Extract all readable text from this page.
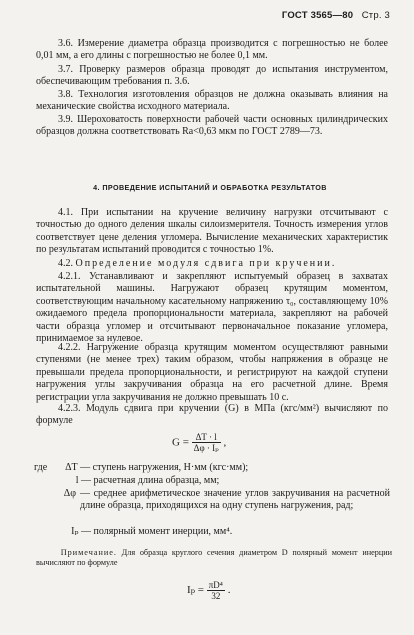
ГОСТ 3565—80 Стр. 3

3.6. Измерение диаметра образца производится с погрешностью не более 0,01 мм, а его длины с погрешностью не более 0,1 мм.

3.7. Проверку размеров образца проводят до испытания инструментом, обеспечивающим требования п. 3.6.

3.8. Технология изготовления образцов не должна оказывать влияния на механические свойства исходного материала.

3.9. Шероховатость поверхности рабочей части основных цилиндрических образцов должна соответствовать Ra<0,63 мкм по ГОСТ 2789—73.

4. ПРОВЕДЕНИЕ ИСПЫТАНИЙ И ОБРАБОТКА РЕЗУЛЬТАТОВ

4.1. При испытании на кручение величину нагрузки отсчитывают с точностью до одного деления шкалы силоизмерителя. Точность измерения углов соответствует цене деления угломера. Вычисление механических характеристик по результатам испытаний проводится с точностью 1%.

4.2. Определение модуля сдвига при кручении.

4.2.1. Устанавливают и закрепляют испытуемый образец в захватах испытательной машины. Нагружают образец крутящим моментом, соответствующим начальному касательному напряжению τ₀, составляющему 10% ожидаемого предела пропорциональности материала, закрепляют на рабочей части образца угломер и отсчитывают первоначальное показание угломера, принимаемое за нулевое.

4.2.2. Нагружение образца крутящим моментом осуществляют равными ступенями (не менее трех) таким образом, чтобы напряжения в образце не превышали предела пропорциональности, и регистрируют на каждой ступени нагружения углы закручивания образца на его расчетной длине. Время регистрации угла закручивания не должно превышать 10 с.

4.2.3. Модуль сдвига при кручении (G) в МПа (кгс/мм²) вычисляют по формуле

$G = \frac{\Delta T \cdot l}{\text{Δφ · Iₚ}}$ ,
где ΔT — ступень нагружения, Н·мм (кгс·мм);
l — расчетная длина образца, мм;
Δφ — среднее арифметическое значение углов закручивания на расчетной длине образца, приходящихся на одну ступень нагружения, рад;
Iₚ — полярный момент инерции, мм⁴.
Примечание. Для образца круглого сечения диаметром D полярный момент инерции вычисляют по формуле
$I_p = \frac{\text{πD⁴}}{32}$ .
